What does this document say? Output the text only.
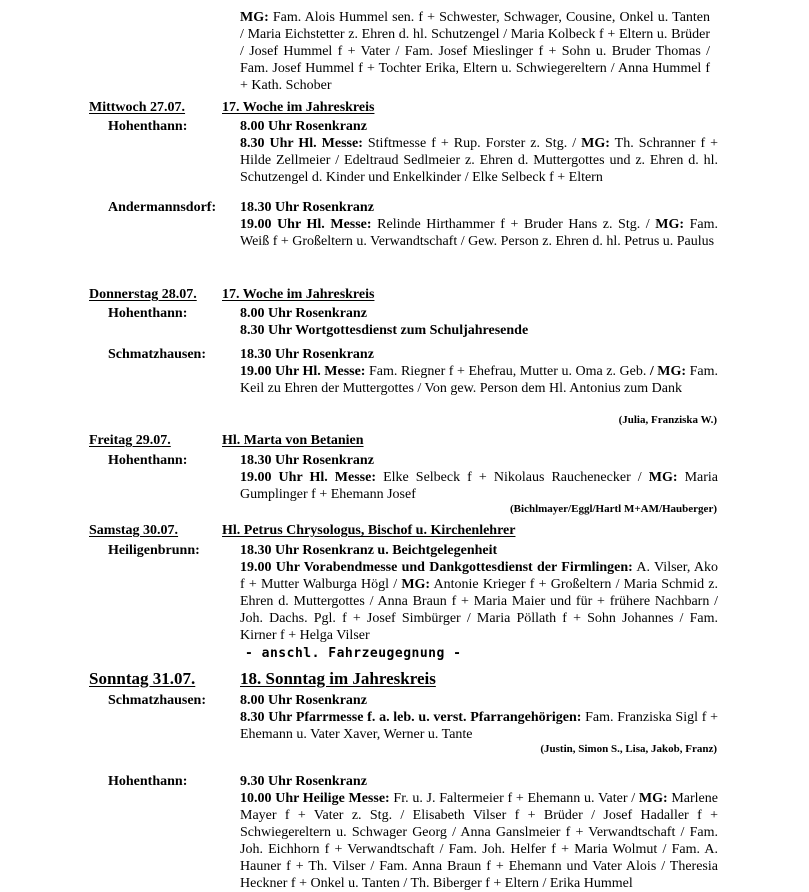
MG: Fam. Alois Hummel sen. f + Schwester, Schwager, Cousine, Onkel u. Tanten / Maria Eichstetter z. Ehren d. hl. Schutzengel / Maria Kolbeck f + Eltern u. Brüder / Josef Hummel f + Vater / Fam. Josef Mieslinger f + Sohn u. Bruder Thomas / Fam. Josef Hummel f + Tochter Erika, Eltern u. Schwiegereltern / Anna Hummel f + Kath. Schober

Mittwoch 27.07.	17. Woche im Jahreskreis
Hohenthann:	8.00 Uhr Rosenkranz

8.30 Uhr Hl. Messe: Stiftmesse f + Rup. Forster z. Stg. / MG: Th. Schranner f + Hilde Zellmeier / Edeltraud Sedlmeier z. Ehren d. Muttergottes und z. Ehren d. hl. Schutzengel d. Kinder und Enkelkinder / Elke Selbeck f + Eltern

Andermannsdorf: 18.30 Uhr Rosenkranz

19.00 Uhr Hl. Messe: Relinde Hirthammer f + Bruder Hans z. Stg. / MG: Fam. Weiß f + Großeltern u. Verwandtschaft / Gew. Person z. Ehren d. hl. Petrus u. Paulus

Donnerstag 28.07. 17. Woche im Jahreskreis
Hohenthann:	8.00 Uhr Rosenkranz

8.30 Uhr Wortgottesdienst zum Schuljahresende

Schmatzhausen: 18.30 Uhr Rosenkranz

19.00 Uhr Hl. Messe: Fam. Riegner f + Ehefrau, Mutter u. Oma z. Geb. / MG: Fam. Keil zu Ehren der Muttergottes / Von gew. Person dem Hl. Antonius zum Dank

(Julia, Franziska W.)
Freitag 29.07.	Hl. Marta von Betanien
Hohenthann:	18.30 Uhr Rosenkranz

19.00 Uhr Hl. Messe: Elke Selbeck f + Nikolaus Rauchenecker / MG: Maria Gumplinger f + Ehemann Josef

(Bichlmayer/Eggl/Hartl M+AM/Hauberger)
Samstag 30.07.	Hl. Petrus Chrysologus, Bischof u. Kirchenlehrer
Heiligenbrunn:	18.30 Uhr Rosenkranz u. Beichtgelegenheit

19.00 Uhr Vorabendmesse und Dankgottesdienst der Firmlingen: A. Vilser, Ako f + Mutter Walburga Högl / MG: Antonie Krieger f + Großeltern / Maria Schmid z. Ehren d. Muttergottes / Anna Braun f + Maria Maier und für + frühere Nachbarn / Joh. Dachs. Pgl. f + Josef Simbürger / Maria Pöllath f + Sohn Johannes / Fam. Kirner f + Helga Vilser

- anschl. Fahrzeugegnung -
Sonntag 31.07.	18. Sonntag im Jahreskreis
Schmatzhausen: 8.00 Uhr Rosenkranz

8.30 Uhr Pfarrmesse f. a. leb. u. verst. Pfarrangehörigen: Fam. Franziska Sigl f + Ehemann u. Vater Xaver, Werner u. Tante

(Justin, Simon S., Lisa, Jakob, Franz)
Hohenthann:	9.30 Uhr Rosenkranz

10.00 Uhr Heilige Messe: Fr. u. J. Faltermeier f + Ehemann u. Vater / MG: Marlene Mayer f + Vater z. Stg. / Elisabeth Vilser f + Brüder / Josef Hadaller f + Schwiegereltern u. Schwager Georg / Anna Ganslmeier f + Verwandtschaft / Fam. Joh. Eichhorn f + Verwandtschaft / Fam. Joh. Helfer f + Maria Wolmut / Fam. A. Hauner f + Th. Vilser / Fam. Anna Braun f + Ehemann und Vater Alois / Theresia Heckner f + Onkel u. Tanten / Th. Biberger f + Eltern / Erika Hummel
